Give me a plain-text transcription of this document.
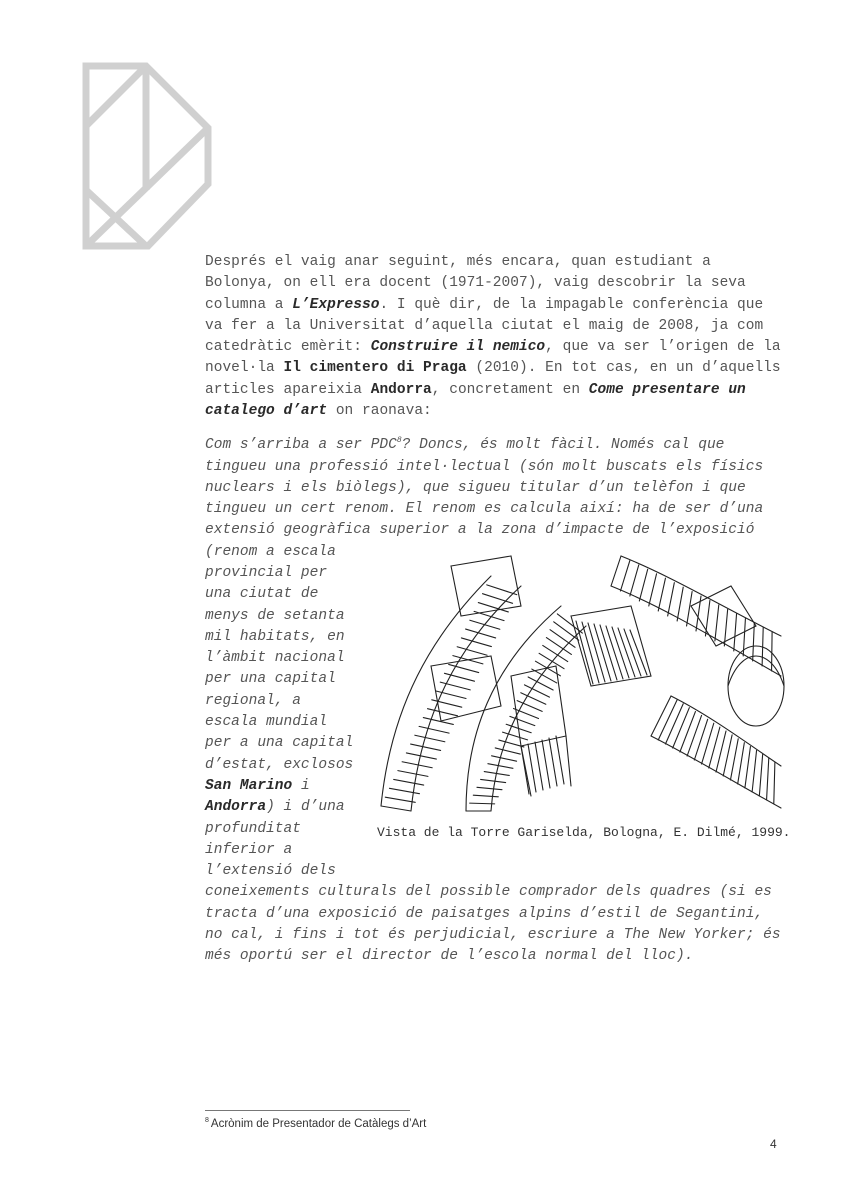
Després el vaig anar seguint, més encara, quan estudiant a Bolonya, on ell era docent (1971-2007), vaig descobrir la seva columna a L’Expresso. I què dir, de la impagable conferència que va fer a la Universitat d’aquella ciutat el maig de 2008, ja com catedràtic emèrit: Construire il nemico, que va ser l’origen de la novel·la Il cimentero di Praga (2010). En tot cas, en un d’aquells articles apareixia Andorra, concretament en Come presentare un catalego d’art on raonava:

Com s’arriba a ser PDC$^8$? Doncs, és molt fàcil. Només cal que tingueu una professió intel·lectual (són molt buscats els físics nuclears i els biòlegs), que sigueu titular d’un telèfon i que tingueu un cert renom. El renom es calcula així: ha de ser d’una extensió geogràfica superior a la zona
Vista de la Torre Gariselda, Bologna, E. Dilmé, 1999.
d’impacte de l’exposició (renom a escala provincial per una ciutat de menys de setanta mil habitats, en l’àmbit nacional per una capital regional, a escala mundial per a una capital d’estat, exclosos San Marino i Andorra) i d’una profunditat inferior a l’extensió dels coneixements culturals del possible comprador dels quadres (si es tracta d’una exposició de paisatges alpins d’estil de Segantini, no cal, i fins i tot és perjudicial, escriure a The New Yorker; és més oportú ser el director de l’escola normal del lloc).

$^8$ Acrònim de Presentador de Catàlegs d’Art
4
